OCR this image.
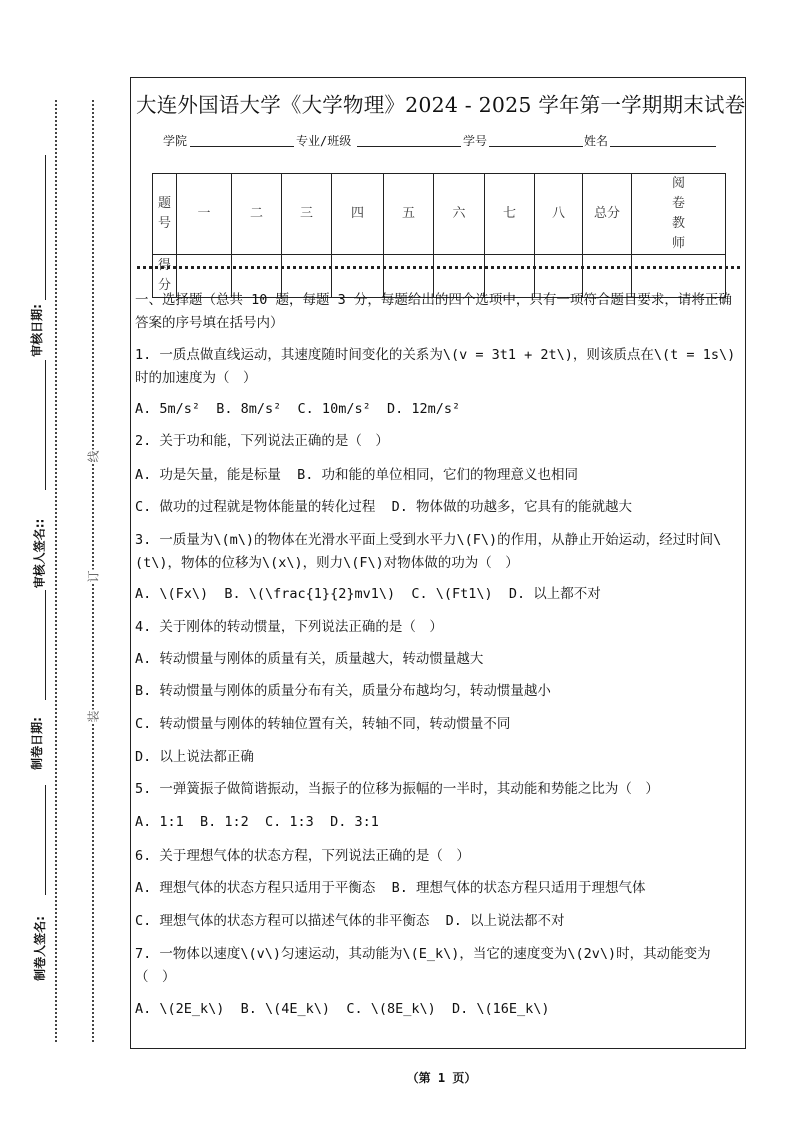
审核日期:
审核人签名::
制卷日期:
制卷人签名:
线
订
装
大连外国语大学《大学物理》2024 - 2025 学年第一学期期末试卷
学院	专业/班级	学号	姓名
题号	一	二	三	四	五	六	七	八	总分	阅卷教师
得分										
一、选择题（总共 10 题，每题 3 分，每题给出的四个选项中，只有一项符合题目要求，请将正确答案的序号填在括号内）
1. 一质点做直线运动，其速度随时间变化的关系为\(v = 3t1 + 2t\)，则该质点在\(t = 1s\)时的加速度为（　）
A. 5m/s²  B. 8m/s²  C. 10m/s²  D. 12m/s²
2. 关于功和能，下列说法正确的是（　）
A. 功是矢量，能是标量  B. 功和能的单位相同，它们的物理意义也相同
C. 做功的过程就是物体能量的转化过程  D. 物体做的功越多，它具有的能就越大
3. 一质量为\(m\)的物体在光滑水平面上受到水平力\(F\)的作用，从静止开始运动，经过时间\(t\)，物体的位移为\(x\)，则力\(F\)对物体做的功为（　）
A. \(Fx\)  B. \(\frac{1}{2}mv1\)  C. \(Ft1\)  D. 以上都不对
4. 关于刚体的转动惯量，下列说法正确的是（　）
A. 转动惯量与刚体的质量有关，质量越大，转动惯量越大
B. 转动惯量与刚体的质量分布有关，质量分布越均匀，转动惯量越小
C. 转动惯量与刚体的转轴位置有关，转轴不同，转动惯量不同
D. 以上说法都正确
5. 一弹簧振子做简谐振动，当振子的位移为振幅的一半时，其动能和势能之比为（　）
A. 1:1  B. 1:2  C. 1:3  D. 3:1
6. 关于理想气体的状态方程，下列说法正确的是（　）
A. 理想气体的状态方程只适用于平衡态  B. 理想气体的状态方程只适用于理想气体
C. 理想气体的状态方程可以描述气体的非平衡态  D. 以上说法都不对
7. 一物体以速度\(v\)匀速运动，其动能为\(E_k\)，当它的速度变为\(2v\)时，其动能变为（　）
A. \(2E_k\)  B. \(4E_k\)  C. \(8E_k\)  D. \(16E_k\)
（第 1 页）
